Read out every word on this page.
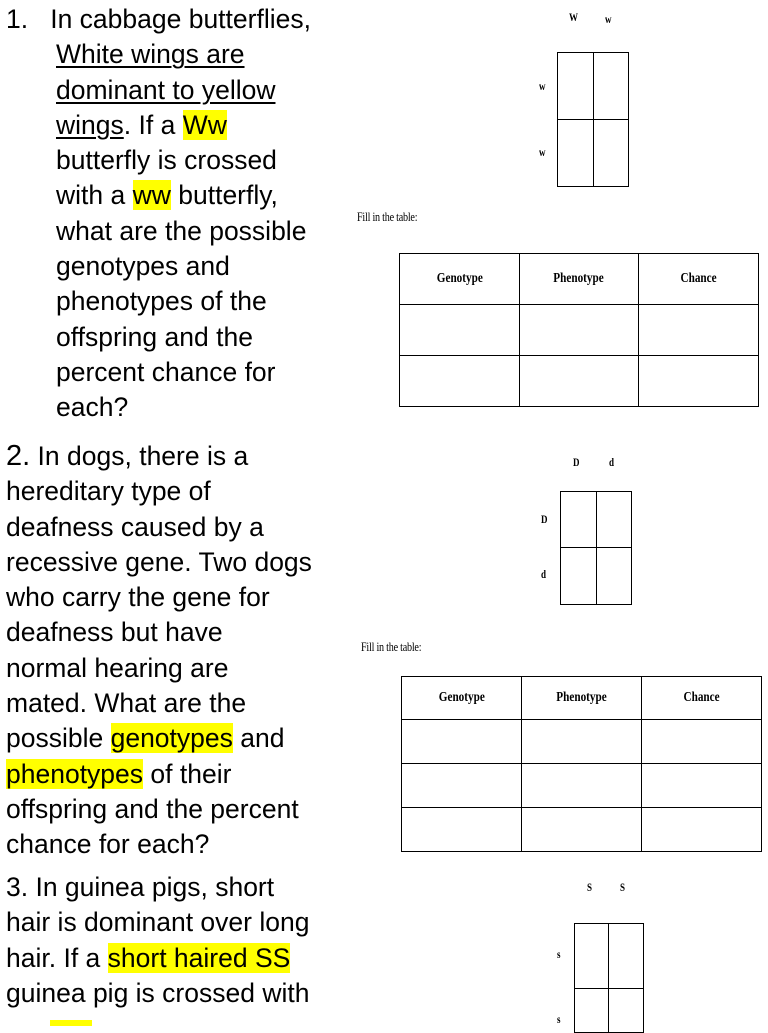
1. In cabbage butterflies,

White wings are

dominant to yellow

wings. If a Ww

butterfly is crossed

with a ww butterfly,

what are the possible

genotypes and

phenotypes of the

offspring and the

percent chance for

each?

2. In dogs, there is a

hereditary type of

deafness caused by a

recessive gene. Two dogs

who carry the gene for

deafness but have

normal hearing are

mated. What are the

possible genotypes and

phenotypes of their

offspring and the percent

chance for each?

3. In guinea pigs, short

hair is dominant over long

hair. If a short haired SS

guinea pig is crossed with

W w
w
w
Fill in the table:
Genotype	Phenotype	Chance

D d
D
d
Fill in the table:
Genotype	Phenotype	Chance

S S
s
s
